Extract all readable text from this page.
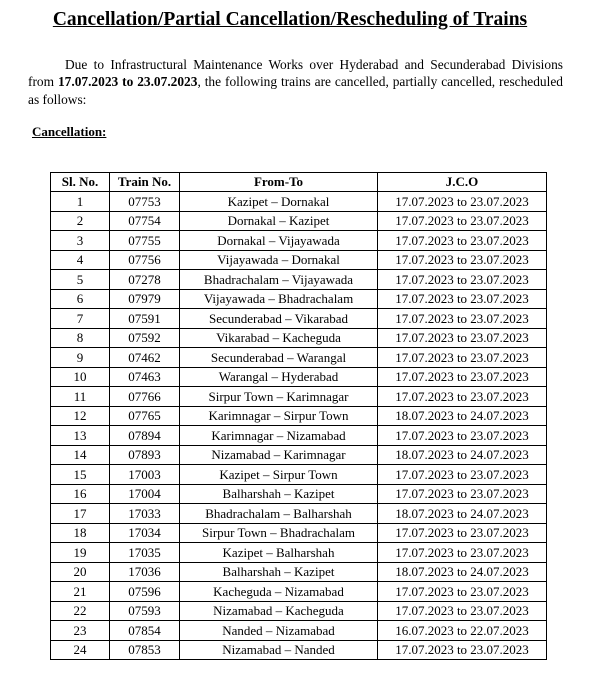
Cancellation/Partial Cancellation/Rescheduling of Trains
Due to Infrastructural Maintenance Works over Hyderabad and Secunderabad Divisions from 17.07.2023 to 23.07.2023, the following trains are cancelled, partially cancelled, rescheduled as follows:
Cancellation:
Sl. No.	Train No.	From-To	J.C.O
1	07753	Kazipet – Dornakal	17.07.2023 to 23.07.2023
2	07754	Dornakal – Kazipet	17.07.2023 to 23.07.2023
3	07755	Dornakal – Vijayawada	17.07.2023 to 23.07.2023
4	07756	Vijayawada – Dornakal	17.07.2023 to 23.07.2023
5	07278	Bhadrachalam – Vijayawada	17.07.2023 to 23.07.2023
6	07979	Vijayawada – Bhadrachalam	17.07.2023 to 23.07.2023
7	07591	Secunderabad – Vikarabad	17.07.2023 to 23.07.2023
8	07592	Vikarabad – Kacheguda	17.07.2023 to 23.07.2023
9	07462	Secunderabad – Warangal	17.07.2023 to 23.07.2023
10	07463	Warangal – Hyderabad	17.07.2023 to 23.07.2023
11	07766	Sirpur Town – Karimnagar	17.07.2023 to 23.07.2023
12	07765	Karimnagar – Sirpur Town	18.07.2023 to 24.07.2023
13	07894	Karimnagar – Nizamabad	17.07.2023 to 23.07.2023
14	07893	Nizamabad – Karimnagar	18.07.2023 to 24.07.2023
15	17003	Kazipet – Sirpur Town	17.07.2023 to 23.07.2023
16	17004	Balharshah – Kazipet	17.07.2023 to 23.07.2023
17	17033	Bhadrachalam – Balharshah	18.07.2023 to 24.07.2023
18	17034	Sirpur Town – Bhadrachalam	17.07.2023 to 23.07.2023
19	17035	Kazipet – Balharshah	17.07.2023 to 23.07.2023
20	17036	Balharshah – Kazipet	18.07.2023 to 24.07.2023
21	07596	Kacheguda – Nizamabad	17.07.2023 to 23.07.2023
22	07593	Nizamabad – Kacheguda	17.07.2023 to 23.07.2023
23	07854	Nanded – Nizamabad	16.07.2023 to 22.07.2023
24	07853	Nizamabad – Nanded	17.07.2023 to 23.07.2023
